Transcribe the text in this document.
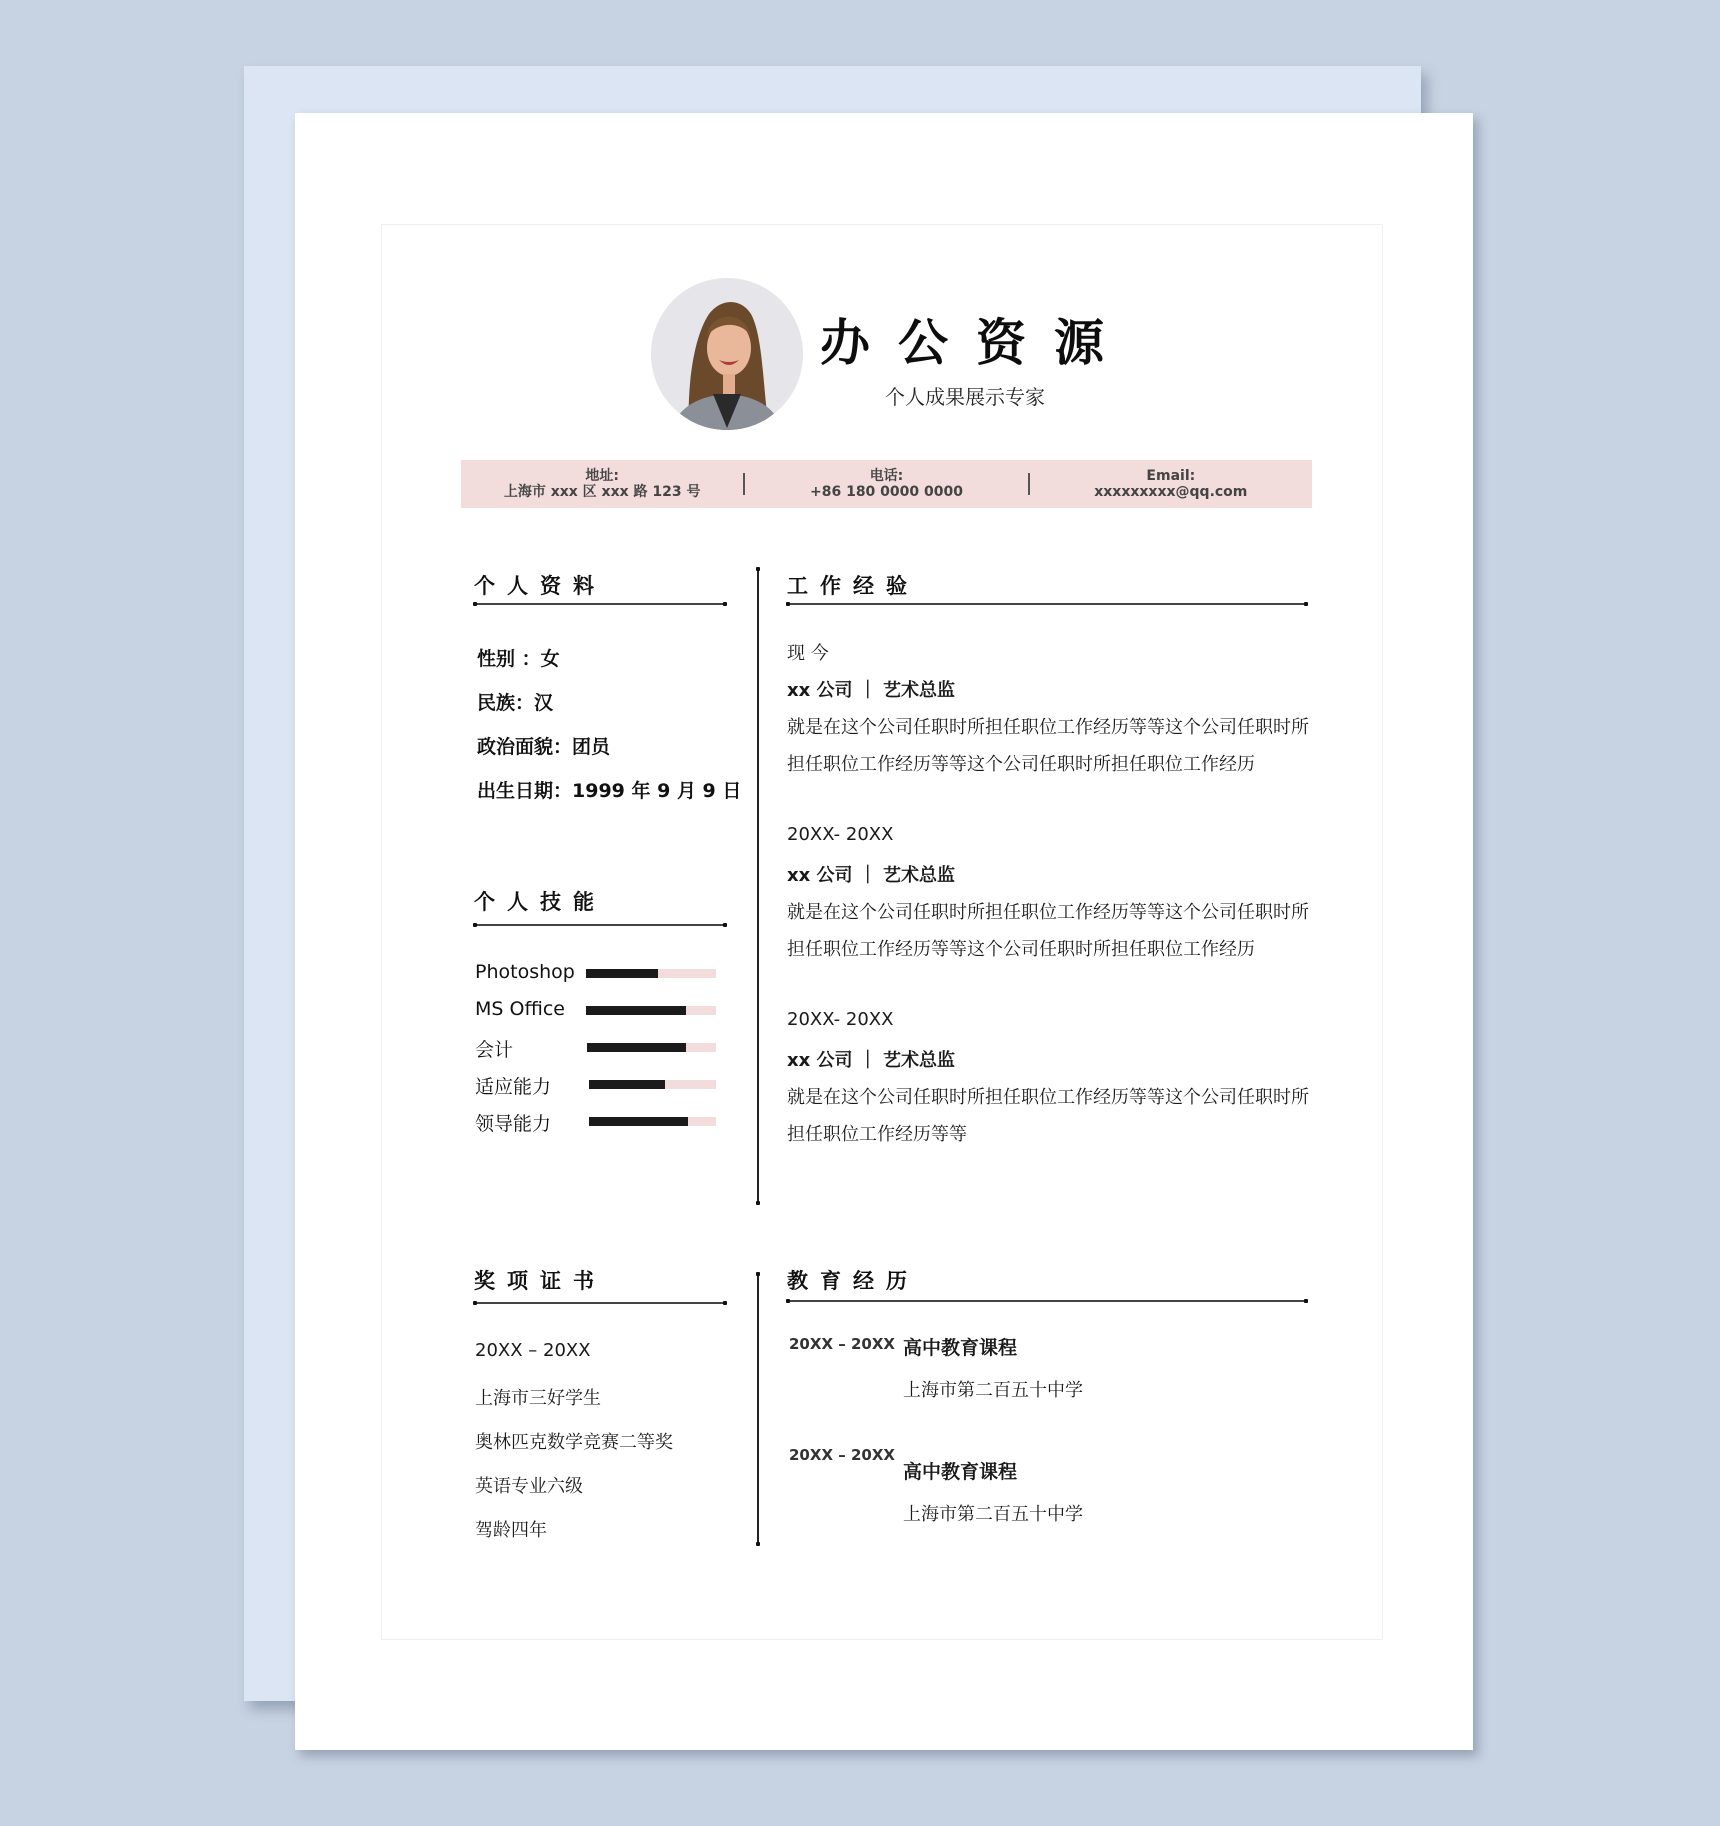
办公资源
个人成果展示专家
地址:
上海市 xxx 区 xxx 路 123 号
电话:
+86 180 0000 0000
Email:
xxxxxxxxx@qq.com
个人资料
性别 ：女
民族：汉
政治面貌：团员
出生日期：1999 年 9 月 9 日
个人技能
Photoshop
MS Office
会计
适应能力
领导能力
工作经验
现 今
xx 公司 ｜ 艺术总监
就是在这个公司任职时所担任职位工作经历等等这个公司任职时所
担任职位工作经历等等这个公司任职时所担任职位工作经历
20XX- 20XX
xx 公司 ｜ 艺术总监
就是在这个公司任职时所担任职位工作经历等等这个公司任职时所
担任职位工作经历等等这个公司任职时所担任职位工作经历
20XX- 20XX
xx 公司 ｜ 艺术总监
就是在这个公司任职时所担任职位工作经历等等这个公司任职时所
担任职位工作经历等等
奖项证书
20XX – 20XX
上海市三好学生
奥林匹克数学竞赛二等奖
英语专业六级
驾龄四年
教育经历
20XX – 20XX 高中教育课程
上海市第二百五十中学
20XX – 20XX
高中教育课程
上海市第二百五十中学
